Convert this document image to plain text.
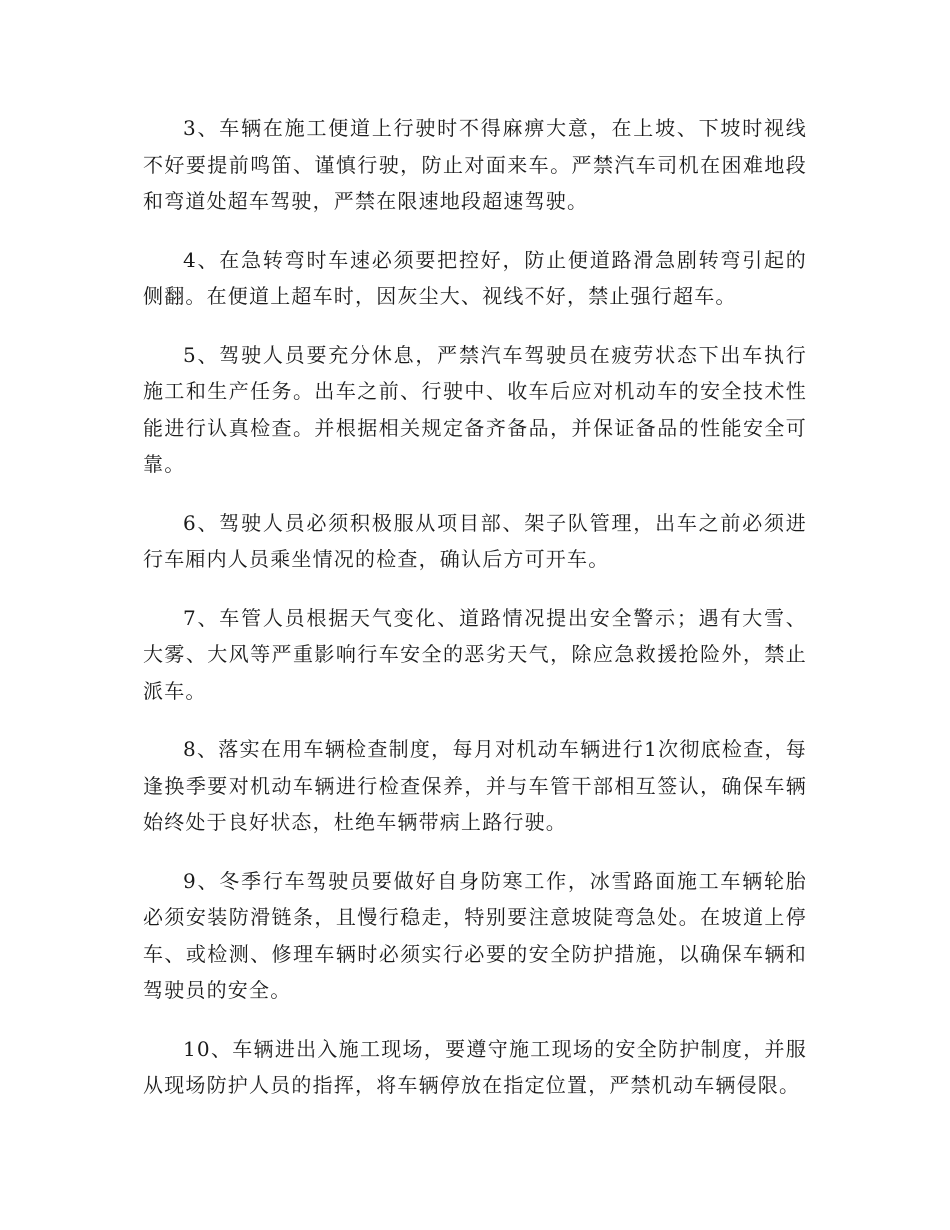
3、车辆在施工便道上行驶时不得麻痹大意，在上坡、下坡时视线不好要提前鸣笛、谨慎行驶，防止对面来车。严禁汽车司机在困难地段和弯道处超车驾驶，严禁在限速地段超速驾驶。

4、在急转弯时车速必须要把控好，防止便道路滑急剧转弯引起的侧翻。在便道上超车时，因灰尘大、视线不好，禁止强行超车。

5、驾驶人员要充分休息，严禁汽车驾驶员在疲劳状态下出车执行施工和生产任务。出车之前、行驶中、收车后应对机动车的安全技术性能进行认真检查。并根据相关规定备齐备品，并保证备品的性能安全可靠。

6、驾驶人员必须积极服从项目部、架子队管理，出车之前必须进行车厢内人员乘坐情况的检查，确认后方可开车。

7、车管人员根据天气变化、道路情况提出安全警示；遇有大雪、大雾、大风等严重影响行车安全的恶劣天气，除应急救援抢险外，禁止派车。

8、落实在用车辆检查制度，每月对机动车辆进行1次彻底检查，每逢换季要对机动车辆进行检查保养，并与车管干部相互签认，确保车辆始终处于良好状态，杜绝车辆带病上路行驶。

9、冬季行车驾驶员要做好自身防寒工作，冰雪路面施工车辆轮胎必须安装防滑链条，且慢行稳走，特别要注意坡陡弯急处。在坡道上停车、或检测、修理车辆时必须实行必要的安全防护措施，以确保车辆和驾驶员的安全。

10、车辆进出入施工现场，要遵守施工现场的安全防护制度，并服从现场防护人员的指挥，将车辆停放在指定位置，严禁机动车辆侵限。
